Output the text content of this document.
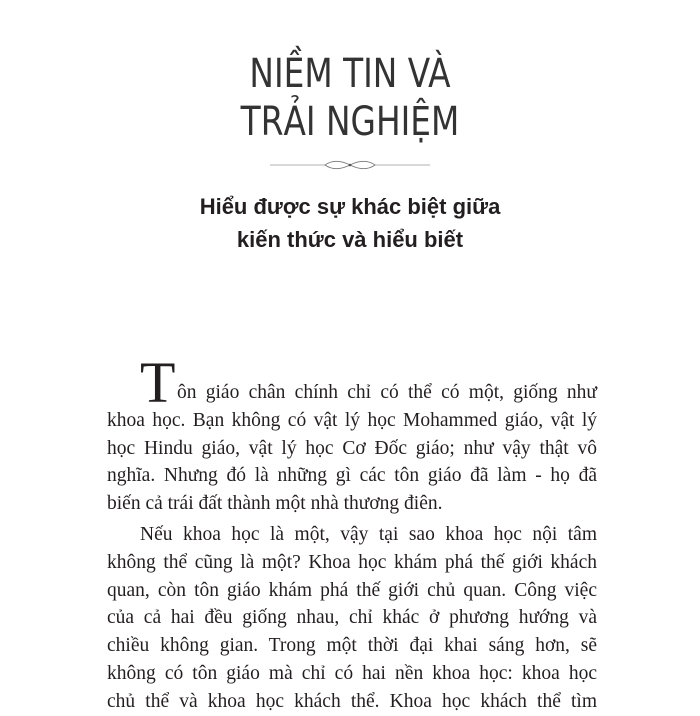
NIỀM TIN VÀ
TRẢI NGHIỆM
Hiểu được sự khác biệt giữa
kiến thức và hiểu biết
T ôn giáo chân chính chỉ có thể có một, giống như
khoa học. Bạn không có vật lý học Mohammed giáo, vật lý
học Hindu giáo, vật lý học Cơ Đốc giáo; như vậy thật vô
nghĩa. Nhưng đó là những gì các tôn giáo đã làm - họ đã
biến cả trái đất thành một nhà thương điên.
Nếu khoa học là một, vậy tại sao khoa học nội tâm
không thể cũng là một? Khoa học khám phá thế giới khách
quan, còn tôn giáo khám phá thế giới chủ quan. Công việc
của cả hai đều giống nhau, chỉ khác ở phương hướng và
chiều không gian. Trong một thời đại khai sáng hơn, sẽ
không có tôn giáo mà chỉ có hai nền khoa học: khoa học
chủ thể và khoa học khách thể. Khoa học khách thể tìm
